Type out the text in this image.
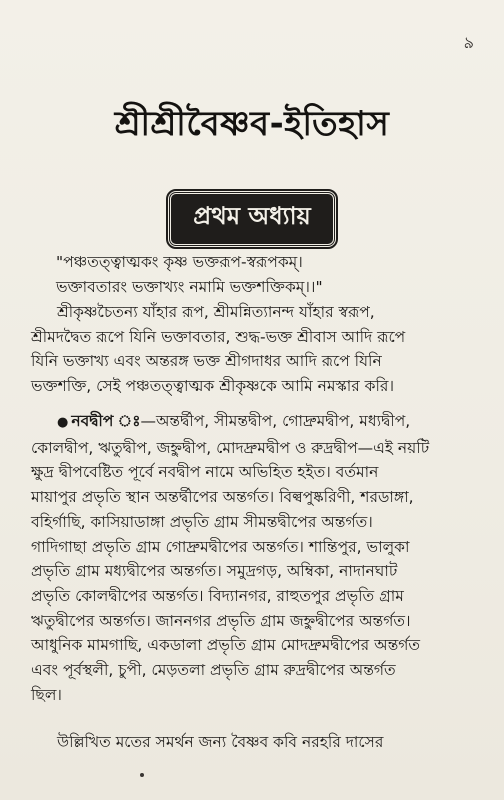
৯
শ্রীশ্রীবৈষ্ণব-ইতিহাস
প্রথম অধ্যায়
"পঞ্চতত্ত্বাত্মকং কৃষ্ণ ভক্তরূপ-স্বরূপকম্।
ভক্তাবতারং ভক্তাখ্যং নমামি ভক্তশক্তিকম্।।"
শ্রীকৃষ্ণচৈতন্য যাঁহার রূপ, শ্রীমন্নিত্যানন্দ যাঁহার স্বরূপ,
শ্রীমদদ্বৈত রূপে যিনি ভক্তাবতার, শুদ্ধ-ভক্ত শ্রীবাস আদি রূপে
যিনি ভক্তাখ্য এবং অন্তরঙ্গ ভক্ত শ্রীগদাধর আদি রূপে যিনি
ভক্তশক্তি, সেই পঞ্চতত্ত্বাত্মক শ্রীকৃষ্ণকে আমি নমস্কার করি।
● নবদ্বীপ ঃ—অন্তর্দ্বীপ, সীমন্তদ্বীপ, গোদ্রুমদ্বীপ, মধ্যদ্বীপ,
কোলদ্বীপ, ঋতুদ্বীপ, জহ্নুদ্বীপ, মোদদ্রুমদ্বীপ ও রুদ্রদ্বীপ—এই নয়টি
ক্ষুদ্র দ্বীপবেষ্টিত পূর্বে নবদ্বীপ নামে অভিহিত হইত। বর্তমান
মায়াপুর প্রভৃতি স্থান অন্তর্দ্বীপের অন্তর্গত। বিল্বপুষ্করিণী, শরডাঙ্গা,
বহিৰ্গাছি, কাসিয়াডাঙ্গা প্রভৃতি গ্রাম সীমন্তদ্বীপের অন্তর্গত।
গাদিগাছা প্রভৃতি গ্রাম গোদ্রুমদ্বীপের অন্তর্গত। শান্তিপুর, ভালুকা
প্রভৃতি গ্রাম মধ্যদ্বীপের অন্তর্গত। সমুদ্রগড়, অম্বিকা, নাদানঘাট
প্রভৃতি কোলদ্বীপের অন্তর্গত। বিদ্যানগর, রাহুতপুর প্রভৃতি গ্রাম
ঋতুদ্বীপের অন্তর্গত। জাননগর প্রভৃতি গ্রাম জহ্নুদ্বীপের অন্তর্গত।
আধুনিক মামগাছি, একডালা প্রভৃতি গ্রাম মোদদ্রুমদ্বীপের অন্তর্গত
এবং পূর্বস্থলী, চুপী, মেড়তলা প্রভৃতি গ্রাম রুদ্রদ্বীপের অন্তর্গত
ছিল।
উল্লিখিত মতের সমর্থন জন্য বৈষ্ণব কবি নরহরি দাসের
